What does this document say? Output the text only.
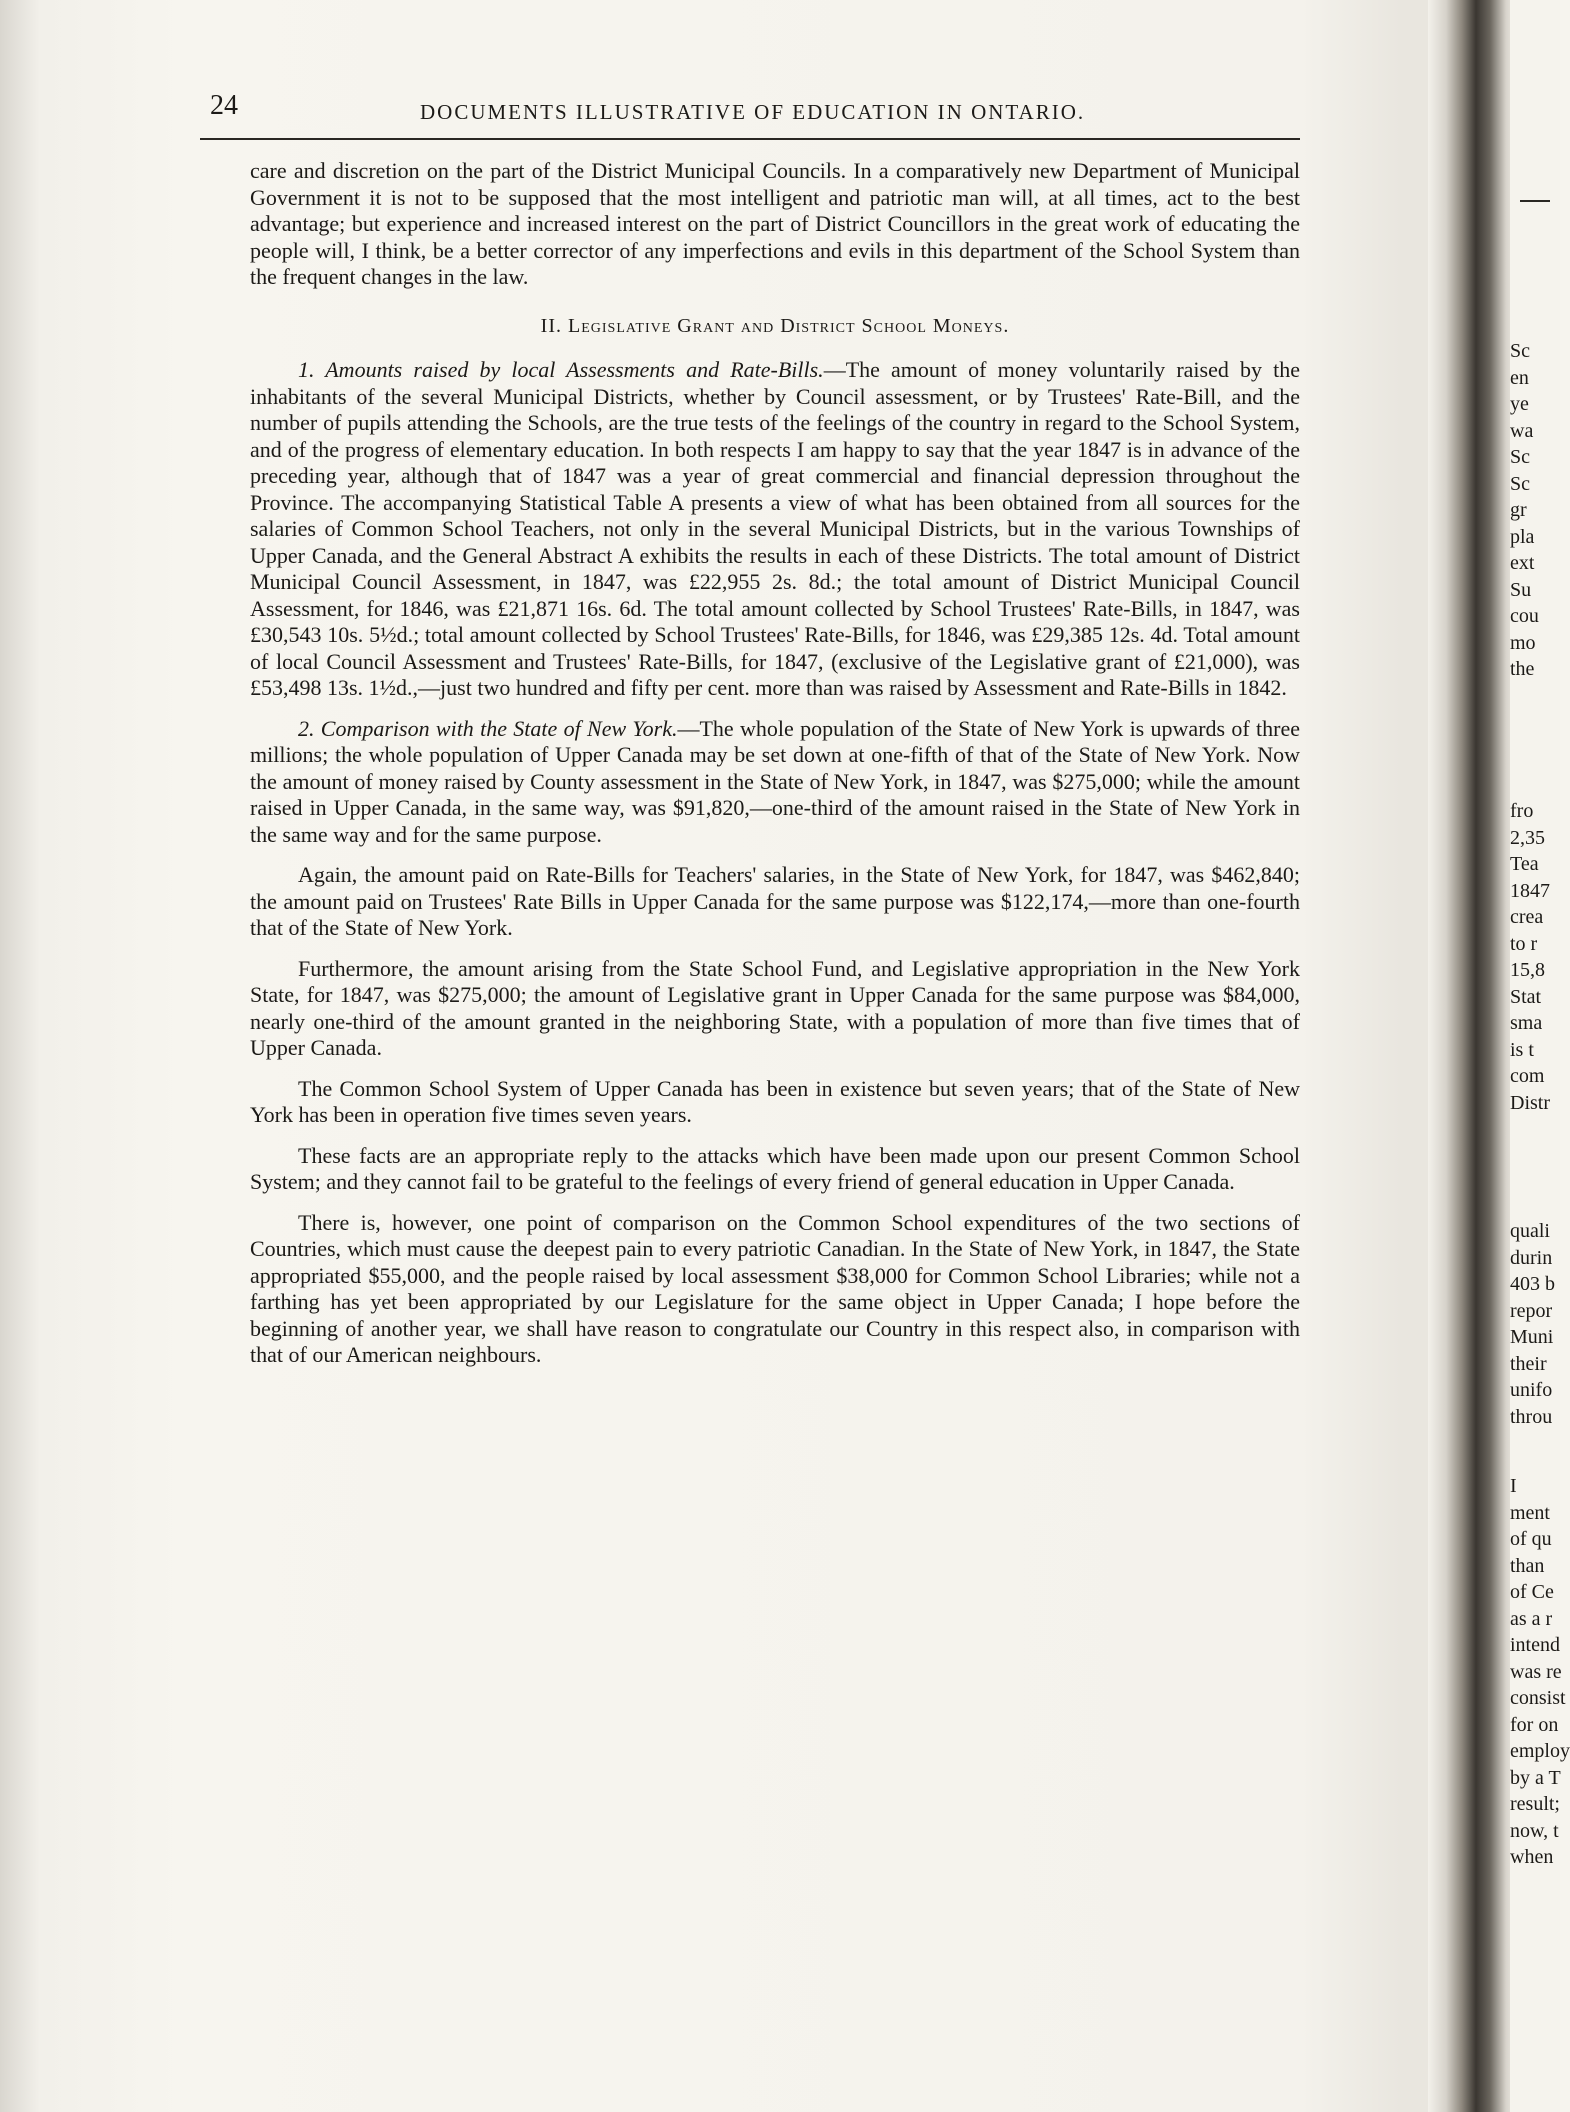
24	DOCUMENTS ILLUSTRATIVE OF EDUCATION IN ONTARIO.

care and discretion on the part of the District Municipal Councils. In a comparatively new Department of Municipal Government it is not to be supposed that the most intelligent and patriotic man will, at all times, act to the best advantage; but experience and increased interest on the part of District Councillors in the great work of educating the people will, I think, be a better corrector of any imperfections and evils in this department of the School System than the frequent changes in the law.

II. Legislative Grant and District School Moneys.

1. Amounts raised by local Assessments and Rate-Bills.—The amount of money voluntarily raised by the inhabitants of the several Municipal Districts, whether by Council assessment, or by Trustees' Rate-Bill, and the number of pupils attending the Schools, are the true tests of the feelings of the country in regard to the School System, and of the progress of elementary education. In both respects I am happy to say that the year 1847 is in advance of the preceding year, although that of 1847 was a year of great commercial and financial depression throughout the Province. The accompanying Statistical Table A presents a view of what has been obtained from all sources for the salaries of Common School Teachers, not only in the several Municipal Districts, but in the various Townships of Upper Canada, and the General Abstract A exhibits the results in each of these Districts. The total amount of District Municipal Council Assessment, in 1847, was £22,955 2s. 8d.; the total amount of District Municipal Council Assessment, for 1846, was £21,871 16s. 6d. The total amount collected by School Trustees' Rate-Bills, in 1847, was £30,543 10s. 5½d.; total amount collected by School Trustees' Rate-Bills, for 1846, was £29,385 12s. 4d. Total amount of local Council Assessment and Trustees' Rate-Bills, for 1847, (exclusive of the Legislative grant of £21,000), was £53,498 13s. 1½d.,—just two hundred and fifty per cent. more than was raised by Assessment and Rate-Bills in 1842.

2. Comparison with the State of New York.—The whole population of the State of New York is upwards of three millions; the whole population of Upper Canada may be set down at one-fifth of that of the State of New York. Now the amount of money raised by County assessment in the State of New York, in 1847, was $275,000; while the amount raised in Upper Canada, in the same way, was $91,820,—one-third of the amount raised in the State of New York in the same way and for the same purpose.

Again, the amount paid on Rate-Bills for Teachers' salaries, in the State of New York, for 1847, was $462,840; the amount paid on Trustees' Rate Bills in Upper Canada for the same purpose was $122,174,—more than one-fourth that of the State of New York.

Furthermore, the amount arising from the State School Fund, and Legislative appropriation in the New York State, for 1847, was $275,000; the amount of Legislative grant in Upper Canada for the same purpose was $84,000, nearly one-third of the amount granted in the neighboring State, with a population of more than five times that of Upper Canada.

The Common School System of Upper Canada has been in existence but seven years; that of the State of New York has been in operation five times seven years.

These facts are an appropriate reply to the attacks which have been made upon our present Common School System; and they cannot fail to be grateful to the feelings of every friend of general education in Upper Canada.

There is, however, one point of comparison on the Common School expenditures of the two sections of Countries, which must cause the deepest pain to every patriotic Canadian. In the State of New York, in 1847, the State appropriated $55,000, and the people raised by local assessment $38,000 for Common School Libraries; while not a farthing has yet been appropriated by our Legislature for the same object in Upper Canada; I hope before the beginning of another year, we shall have reason to congratulate our Country in this respect also, in comparison with that of our American neighbours.

Sc
en
ye
wa
Sc
Sc
gr
pla
ext
Su
cou
mo
the
fro
2,35
Tea
1847
crea
to r
15,8
Stat
sma
is t
com
Distr
quali
durin
403 b
repor
Muni
their
unifo
throu
I
ment
of qu
than
of Ce
as a r
intend
was re
consist
for on
employ
by a T
result;
now, t
when
